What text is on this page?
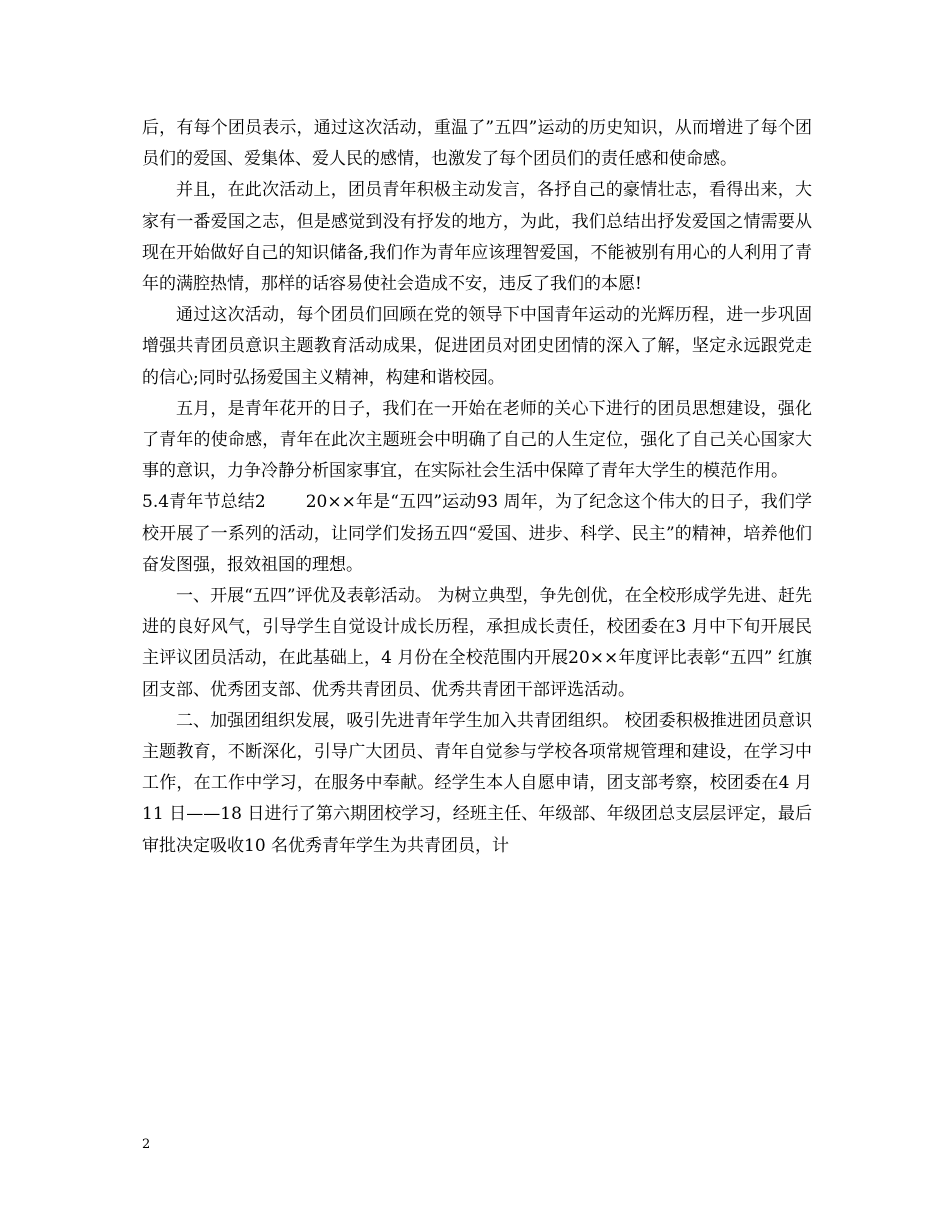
后，有每个团员表示，通过这次活动，重温了”五四”运动的历史知识，从而增进了每个团员们的爱国、爱集体、爱人民的感情，也激发了每个团员们的责任感和使命感。

并且，在此次活动上，团员青年积极主动发言，各抒自己的豪情壮志，看得出来，大家有一番爱国之志，但是感觉到没有抒发的地方，为此，我们总结出抒发爱国之情需要从现在开始做好自己的知识储备,我们作为青年应该理智爱国，不能被别有用心的人利用了青年的满腔热情，那样的话容易使社会造成不安，违反了我们的本愿!

通过这次活动，每个团员们回顾在党的领导下中国青年运动的光辉历程，进一步巩固增强共青团员意识主题教育活动成果，促进团员对团史团情的深入了解，坚定永远跟党走的信心;同时弘扬爱国主义精神，构建和谐校园。

五月，是青年花开的日子，我们在一开始在老师的关心下进行的团员思想建设，强化了青年的使命感，青年在此次主题班会中明确了自己的人生定位，强化了自己关心国家大事的意识，力争冷静分析国家事宜，在实际社会生活中保障了青年大学生的模范作用。

5.4青年节总结2 20××年是“五四”运动93 周年，为了纪念这个伟大的日子，我们学校开展了一系列的活动，让同学们发扬五四“爱国、进步、科学、民主”的精神，培养他们奋发图强，报效祖国的理想。

一、开展“五四”评优及表彰活动。 为树立典型，争先创优，在全校形成学先进、赶先进的良好风气，引导学生自觉设计成长历程，承担成长责任，校团委在3 月中下旬开展民主评议团员活动，在此基础上，4 月份在全校范围内开展20××年度评比表彰“五四” 红旗团支部、优秀团支部、优秀共青团员、优秀共青团干部评选活动。

二、加强团组织发展，吸引先进青年学生加入共青团组织。 校团委积极推进团员意识主题教育，不断深化，引导广大团员、青年自觉参与学校各项常规管理和建设，在学习中工作，在工作中学习，在服务中奉献。经学生本人自愿申请，团支部考察，校团委在4 月11 日——18 日进行了第六期团校学习，经班主任、年级部、年级团总支层层评定，最后审批决定吸收10 名优秀青年学生为共青团员，计

2
